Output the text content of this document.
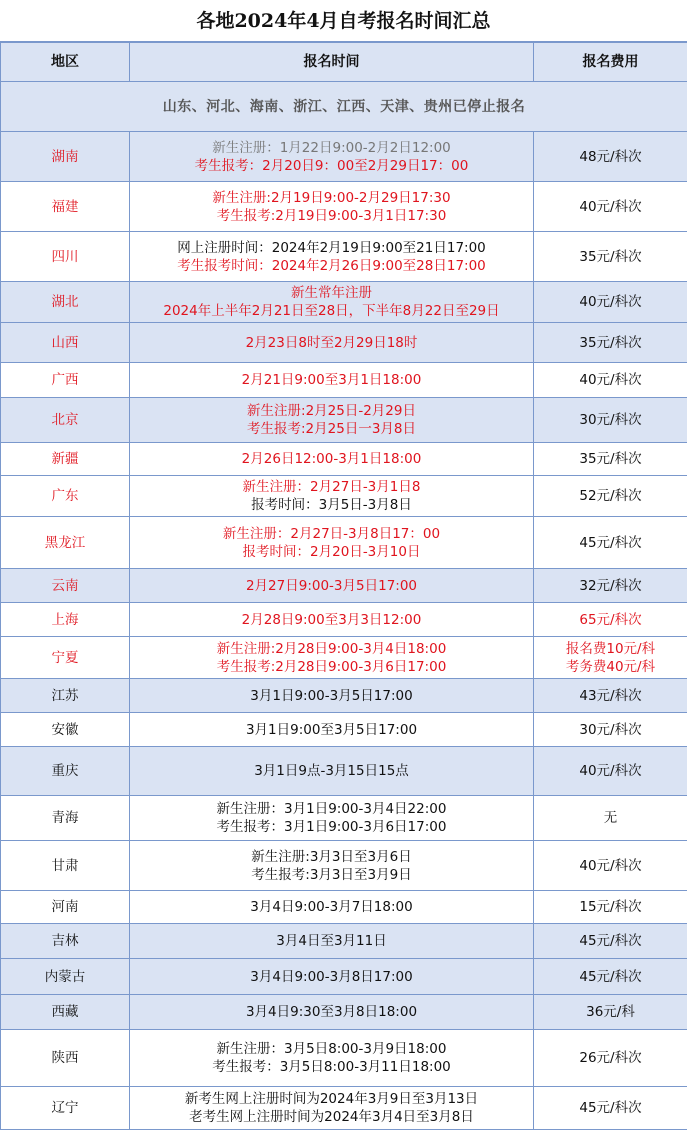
各地2024年4月自考报名时间汇总
地区	报名时间	报名费用
山东、河北、海南、浙江、江西、天津、贵州已停止报名		
湖南	新生注册：1月22日9:00-2月2日12:00
考生报考：2月20日9：00至2月29日17：00	48元/科次
福建	新生注册:2月19日9:00-2月29日17:30
考生报考:2月19日9:00-3月1日17:30	40元/科次
四川	网上注册时间：2024年2月19日9:00至21日17:00
考生报考时间：2024年2月26日9:00至28日17:00	35元/科次
湖北	新生常年注册
2024年上半年2月21日至28日，下半年8月22日至29日	40元/科次
山西	2月23日8时至2月29日18时	35元/科次
广西	2月21日9:00至3月1日18:00	40元/科次
北京	新生注册:2月25日-2月29日
考生报考:2月25日一3月8日	30元/科次
新疆	2月26日12:00-3月1日18:00	35元/科次
广东	新生注册：2月27日-3月1日8
报考时间：3月5日-3月8日	52元/科次
黑龙江	新生注册：2月27日-3月8日17：00
报考时间：2月20日-3月10日	45元/科次
云南	2月27日9:00-3月5日17:00	32元/科次
上海	2月28日9:00至3月3日12:00	65元/科次
宁夏	新生注册:2月28日9:00-3月4日18:00
考生报考:2月28日9:00-3月6日17:00	报名费10元/科
考务费40元/科

江苏	3月1日9:00-3月5日17:00	43元/科次
安徽	3月1日9:00至3月5日17:00	30元/科次
重庆	3月1日9点-3月15日15点	40元/科次
青海	新生注册：3月1日9:00-3月4日22:00
考生报考：3月1日9:00-3月6日17:00	无
甘肃	新生注册:3月3日至3月6日
考生报考:3月3日至3月9日	40元/科次
河南	3月4日9:00-3月7日18:00	15元/科次
吉林	3月4日至3月11日	45元/科次
内蒙古	3月4日9:00-3月8日17:00	45元/科次
西藏	3月4日9:30至3月8日18:00	36元/科
陕西	新生注册：3月5日8:00-3月9日18:00
考生报考：3月5日8:00-3月11日18:00	26元/科次
辽宁	新考生网上注册时间为2024年3月9日至3月13日
老考生网上注册时间为2024年3月4日至3月8日	45元/科次
